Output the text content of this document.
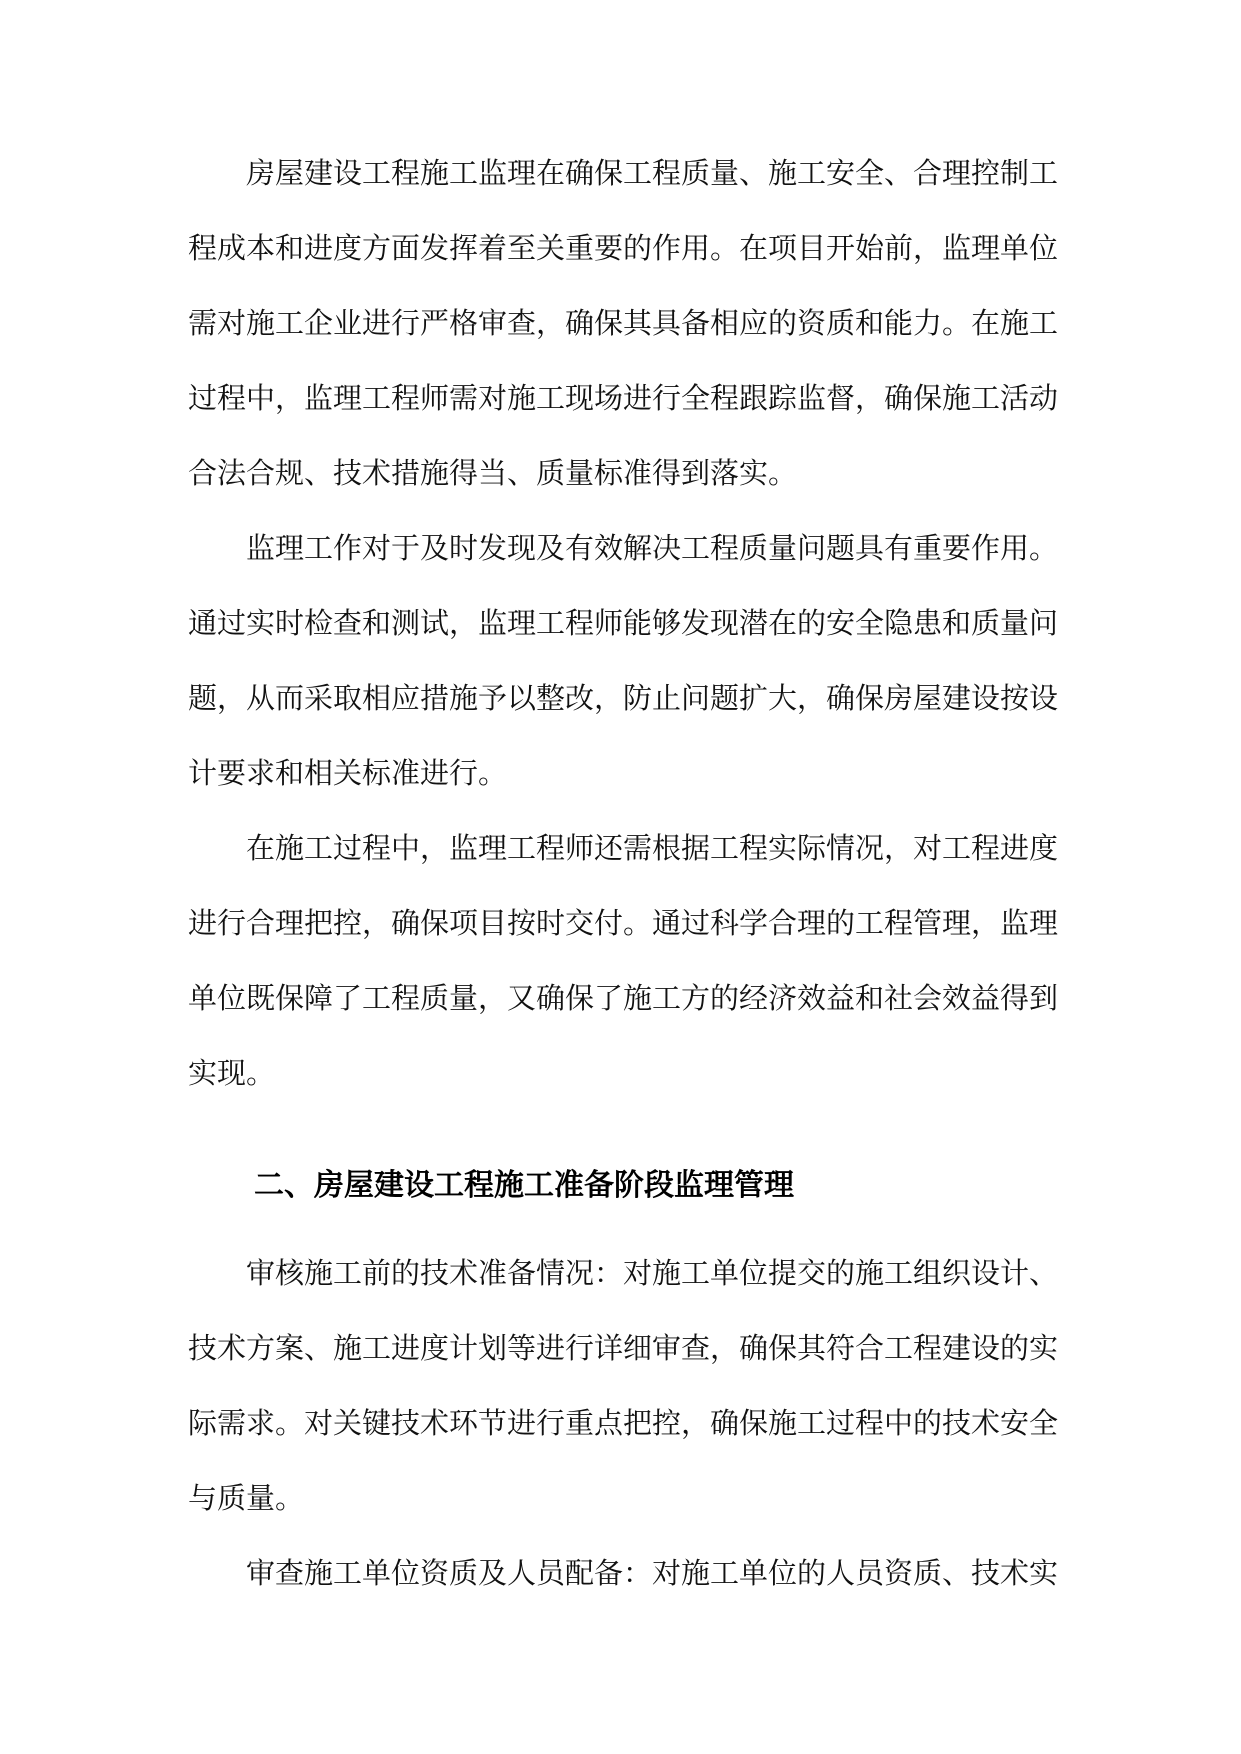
房屋建设工程施工监理在确保工程质量、施工安全、合理控制工
程成本和进度方面发挥着至关重要的作用。在项目开始前，监理单位
需对施工企业进行严格审查，确保其具备相应的资质和能力。在施工
过程中，监理工程师需对施工现场进行全程跟踪监督，确保施工活动
合法合规、技术措施得当、质量标准得到落实。
监理工作对于及时发现及有效解决工程质量问题具有重要作用。
通过实时检查和测试，监理工程师能够发现潜在的安全隐患和质量问
题，从而采取相应措施予以整改，防止问题扩大，确保房屋建设按设
计要求和相关标准进行。
在施工过程中，监理工程师还需根据工程实际情况，对工程进度
进行合理把控，确保项目按时交付。通过科学合理的工程管理，监理
单位既保障了工程质量，又确保了施工方的经济效益和社会效益得到
实现。
二、房屋建设工程施工准备阶段监理管理
审核施工前的技术准备情况：对施工单位提交的施工组织设计、
技术方案、施工进度计划等进行详细审查，确保其符合工程建设的实
际需求。对关键技术环节进行重点把控，确保施工过程中的技术安全
与质量。
审查施工单位资质及人员配备：对施工单位的人员资质、技术实
